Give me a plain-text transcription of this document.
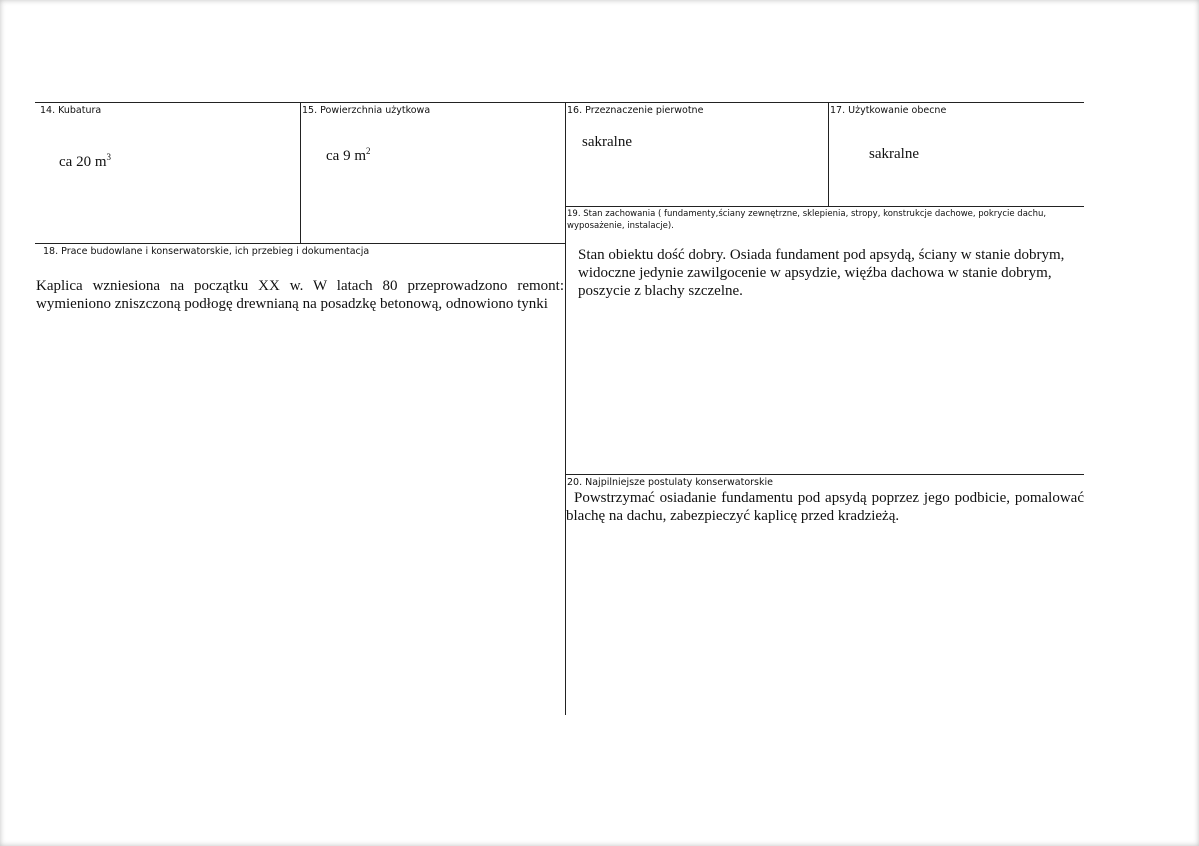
14. Kubatura
ca 20 $m^3$
15. Powierzchnia użytkowa
ca 9 $m^2$
16. Przeznaczenie pierwotne
sakralne
17. Użytkowanie obecne
sakralne
19. Stan zachowania ( fundamenty,ściany zewnętrzne, sklepienia, stropy, konstrukcje dachowe, pokrycie dachu, wyposażenie, instalacje).
Stan obiektu dość dobry. Osiada fundament pod apsydą, ściany w stanie dobrym, widoczne jedynie zawilgocenie w apsydzie, więźba dachowa w stanie dobrym, poszycie z blachy szczelne.
18. Prace budowlane i konserwatorskie, ich przebieg i dokumentacja
Kaplica wzniesiona na początku XX w. W latach 80 przeprowadzono remont: wymieniono zniszczoną podłogę drewnianą na posadzkę betonową, odnowiono tynki
20. Najpilniejsze postulaty konserwatorskie
Powstrzymać osiadanie fundamentu pod apsydą poprzez jego podbicie, pomalować blachę na dachu, zabezpieczyć kaplicę przed kradzieżą.
